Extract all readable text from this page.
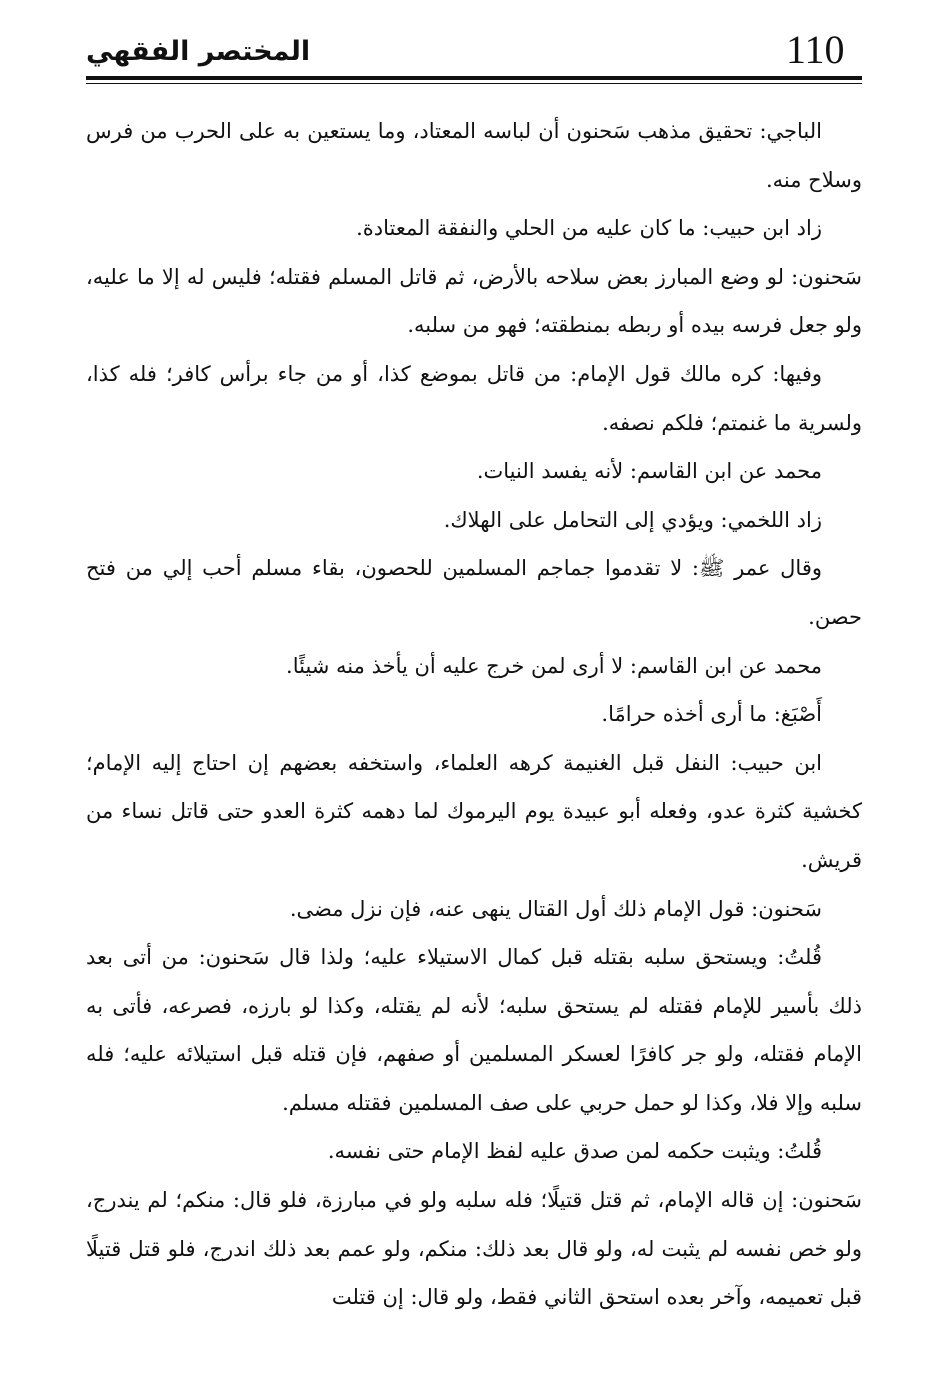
110
المختصر الفقهي

الباجي: تحقيق مذهب سَحنون أن لباسه المعتاد، وما يستعين به على الحرب من فرس وسلاح منه.

زاد ابن حبيب: ما كان عليه من الحلي والنفقة المعتادة.

سَحنون: لو وضع المبارز بعض سلاحه بالأرض، ثم قاتل المسلم فقتله؛ فليس له إلا ما عليه، ولو جعل فرسه بيده أو ربطه بمنطقته؛ فهو من سلبه.

وفيها: كره مالك قول الإمام: من قاتل بموضع كذا، أو من جاء برأس كافر؛ فله كذا، ولسرية ما غنمتم؛ فلكم نصفه.

محمد عن ابن القاسم: لأنه يفسد النيات.

زاد اللخمي: ويؤدي إلى التحامل على الهلاك.

وقال عمر ﷺ: لا تقدموا جماجم المسلمين للحصون، بقاء مسلم أحب إلي من فتح حصن.

محمد عن ابن القاسم: لا أرى لمن خرج عليه أن يأخذ منه شيئًا.

أَصْبَغ: ما أرى أخذه حرامًا.

ابن حبيب: النفل قبل الغنيمة كرهه العلماء، واستخفه بعضهم إن احتاج إليه الإمام؛ كخشية كثرة عدو، وفعله أبو عبيدة يوم اليرموك لما دهمه كثرة العدو حتى قاتل نساء من قريش.

سَحنون: قول الإمام ذلك أول القتال ينهى عنه، فإن نزل مضى.

قُلتُ: ويستحق سلبه بقتله قبل كمال الاستيلاء عليه؛ ولذا قال سَحنون: من أتى بعد ذلك بأسير للإمام فقتله لم يستحق سلبه؛ لأنه لم يقتله، وكذا لو بارزه، فصرعه، فأتى به الإمام فقتله، ولو جر كافرًا لعسكر المسلمين أو صفهم، فإن قتله قبل استيلائه عليه؛ فله سلبه وإلا فلا، وكذا لو حمل حربي على صف المسلمين فقتله مسلم.

قُلتُ: ويثبت حكمه لمن صدق عليه لفظ الإمام حتى نفسه.

سَحنون: إن قاله الإمام، ثم قتل قتيلًا؛ فله سلبه ولو في مبارزة، فلو قال: منكم؛ لم يندرج، ولو خص نفسه لم يثبت له، ولو قال بعد ذلك: منكم، ولو عمم بعد ذلك اندرج، فلو قتل قتيلًا قبل تعميمه، وآخر بعده استحق الثاني فقط، ولو قال: إن قتلت
